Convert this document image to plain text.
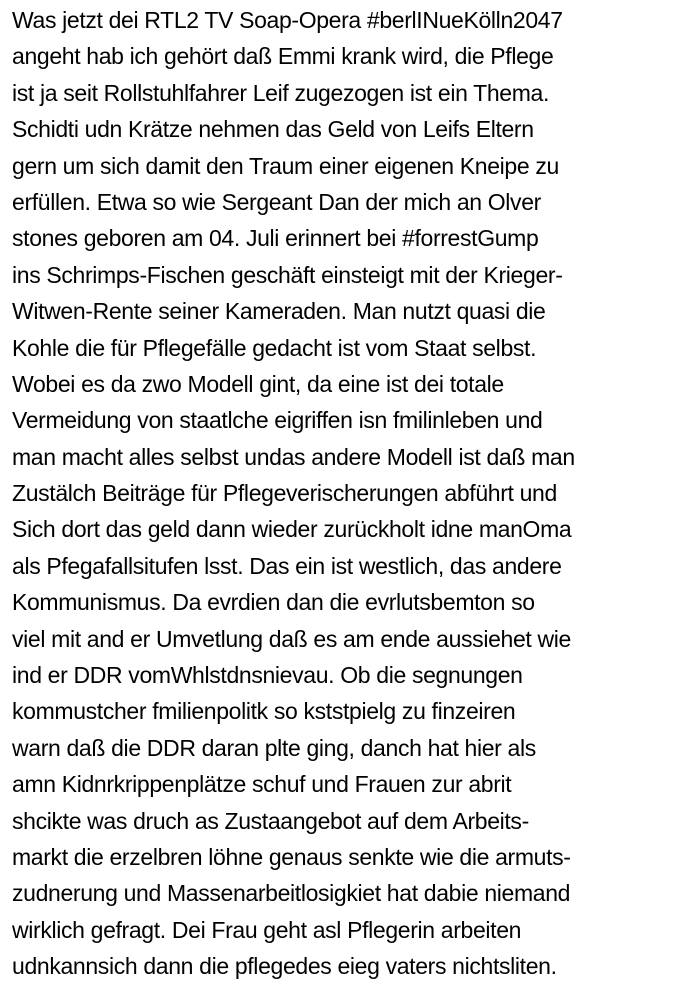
Was jetzt dei RTL2 TV Soap-Opera #berlINueKölln2047
angeht hab ich gehört daß Emmi krank wird, die Pflege
ist ja seit Rollstuhlfahrer Leif zugezogen ist ein Thema.
Schidti udn Krätze nehmen das Geld von Leifs Eltern
gern um sich damit den Traum einer eigenen Kneipe zu
erfüllen. Etwa so wie Sergeant Dan der mich an Olver
stones geboren am 04. Juli erinnert bei #forrestGump
ins Schrimps-Fischen geschäft einsteigt mit der Krieger-
Witwen-Rente seiner Kameraden. Man nutzt quasi die
Kohle die für Pflegefälle gedacht ist vom Staat selbst.
Wobei es da zwo Modell gint, da eine ist dei totale
Vermeidung von staatlche eigriffen isn fmilinleben und
man macht alles selbst undas andere Modell ist daß man
Zustälch Beiträge für Pflegeverischerungen abführt und
Sich dort das geld dann wieder zurückholt idne manOma
als Pfegafallsitufen lsst. Das ein ist westlich, das andere
Kommunismus. Da evrdien dan die evrlutsbemton so
viel mit and er Umvetlung daß es am ende aussiehet wie
ind er DDR vomWhlstdnsnievau. Ob die segnungen
kommustcher fmilienpolitk so kststpielg zu finzeiren
warn daß die DDR daran plte ging, danch hat hier als
amn Kidnrkrippenplätze schuf und Frauen zur abrit
shcikte was druch as Zustaangebot auf dem Arbeits-
markt die erzelbren löhne genaus senkte wie die armuts-
zudnerung und Massenarbeitlosigkiet hat dabie niemand
wirklich gefragt. Dei Frau geht asl Pflegerin arbeiten
udnkannsich dann die pflegedes eieg vaters nichtsliten.
